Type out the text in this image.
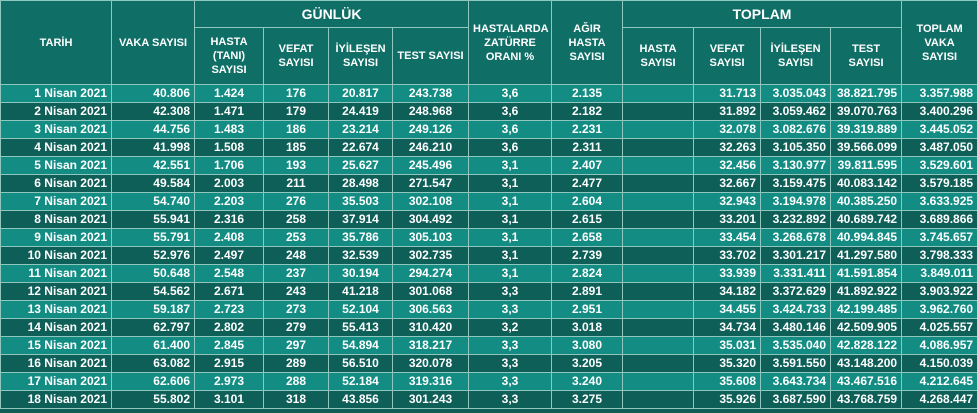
TARİH	VAKA SAYISI	GÜNLÜK				HASTALARDA ZATÜRRE ORANI %	AĞIR HASTA SAYISI	TOPLAM				TOPLAM VAKA SAYISI
		HASTA (TANI) SAYISI	VEFAT SAYISI	İYİLEŞEN SAYISI	TEST SAYISI			HASTA SAYISI	VEFAT SAYISI	İYİLEŞEN SAYISI	TEST SAYISI	
1 Nisan 2021	40.806	1.424	176	20.817	243.738	3,6	2.135		31.713	3.035.043	38.821.795	3.357.988
2 Nisan 2021	42.308	1.471	179	24.419	248.968	3,6	2.182		31.892	3.059.462	39.070.763	3.400.296
3 Nisan 2021	44.756	1.483	186	23.214	249.126	3,6	2.231		32.078	3.082.676	39.319.889	3.445.052
4 Nisan 2021	41.998	1.508	185	22.674	246.210	3,6	2.311		32.263	3.105.350	39.566.099	3.487.050
5 Nisan 2021	42.551	1.706	193	25.627	245.496	3,1	2.407		32.456	3.130.977	39.811.595	3.529.601
6 Nisan 2021	49.584	2.003	211	28.498	271.547	3,1	2.477		32.667	3.159.475	40.083.142	3.579.185
7 Nisan 2021	54.740	2.203	276	35.503	302.108	3,1	2.604		32.943	3.194.978	40.385.250	3.633.925
8 Nisan 2021	55.941	2.316	258	37.914	304.492	3,1	2.615		33.201	3.232.892	40.689.742	3.689.866
9 Nisan 2021	55.791	2.408	253	35.786	305.103	3,1	2.658		33.454	3.268.678	40.994.845	3.745.657
10 Nisan 2021	52.976	2.497	248	32.539	302.735	3,1	2.739		33.702	3.301.217	41.297.580	3.798.333
11 Nisan 2021	50.648	2.548	237	30.194	294.274	3,1	2.824		33.939	3.331.411	41.591.854	3.849.011
12 Nisan 2021	54.562	2.671	243	41.218	301.068	3,3	2.891		34.182	3.372.629	41.892.922	3.903.922
13 Nisan 2021	59.187	2.723	273	52.104	306.563	3,3	2.951		34.455	3.424.733	42.199.485	3.962.760
14 Nisan 2021	62.797	2.802	279	55.413	310.420	3,2	3.018		34.734	3.480.146	42.509.905	4.025.557
15 Nisan 2021	61.400	2.845	297	54.894	318.217	3,3	3.080		35.031	3.535.040	42.828.122	4.086.957
16 Nisan 2021	63.082	2.915	289	56.510	320.078	3,3	3.205		35.320	3.591.550	43.148.200	4.150.039
17 Nisan 2021	62.606	2.973	288	52.184	319.316	3,3	3.240		35.608	3.643.734	43.467.516	4.212.645
18 Nisan 2021	55.802	3.101	318	43.856	301.243	3,3	3.275		35.926	3.687.590	43.768.759	4.268.447
